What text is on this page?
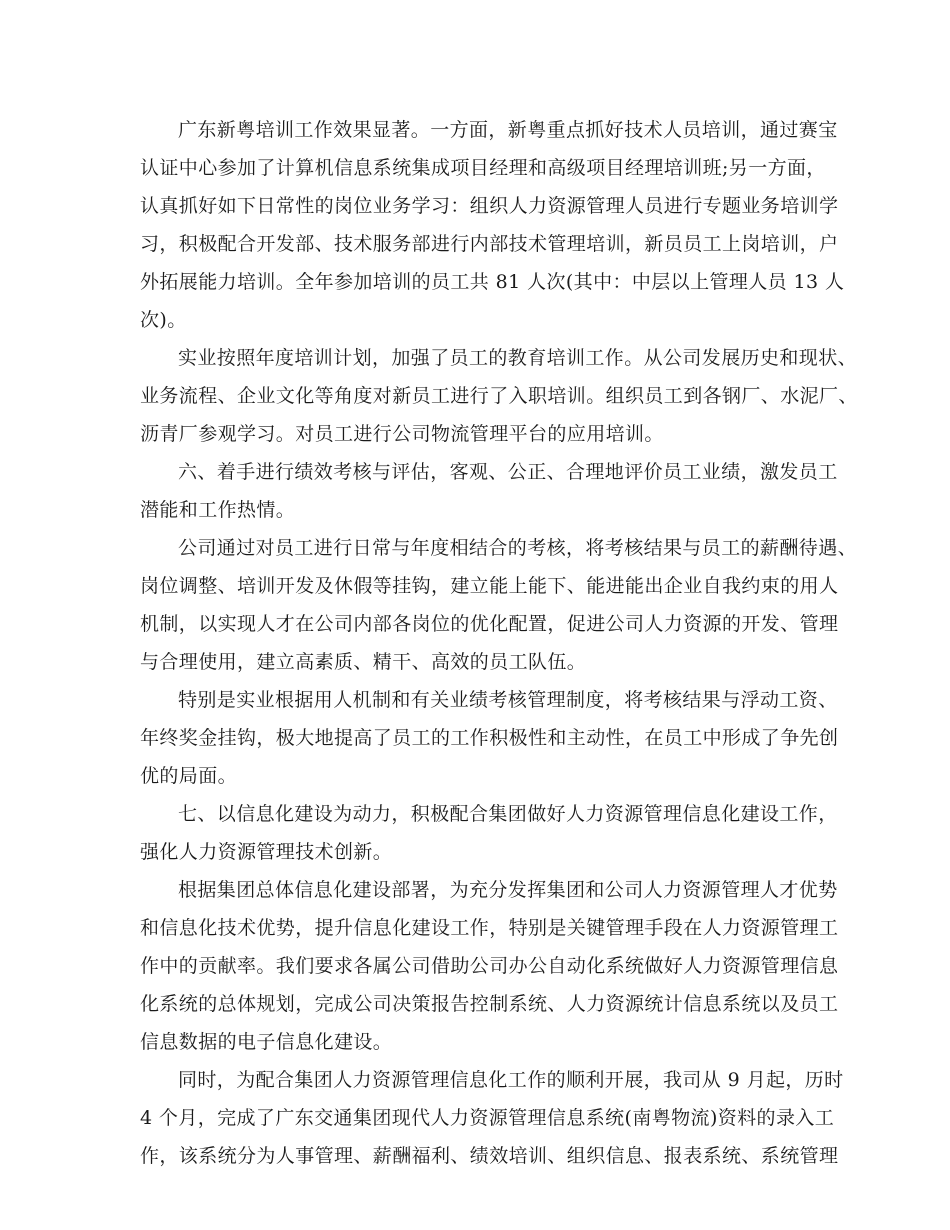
广东新粤培训工作效果显著。一方面，新粤重点抓好技术人员培训，通过赛宝
认证中心参加了计算机信息系统集成项目经理和高级项目经理培训班;另一方面，
认真抓好如下日常性的岗位业务学习：组织人力资源管理人员进行专题业务培训学
习，积极配合开发部、技术服务部进行内部技术管理培训，新员员工上岗培训，户
外拓展能力培训。全年参加培训的员工共 81 人次(其中：中层以上管理人员 13 人
次)。
实业按照年度培训计划，加强了员工的教育培训工作。从公司发展历史和现状、
业务流程、企业文化等角度对新员工进行了入职培训。组织员工到各钢厂、水泥厂、
沥青厂参观学习。对员工进行公司物流管理平台的应用培训。
六、着手进行绩效考核与评估，客观、公正、合理地评价员工业绩，激发员工
潜能和工作热情。
公司通过对员工进行日常与年度相结合的考核，将考核结果与员工的薪酬待遇、
岗位调整、培训开发及休假等挂钩，建立能上能下、能进能出企业自我约束的用人
机制，以实现人才在公司内部各岗位的优化配置，促进公司人力资源的开发、管理
与合理使用，建立高素质、精干、高效的员工队伍。
特别是实业根据用人机制和有关业绩考核管理制度，将考核结果与浮动工资、
年终奖金挂钩，极大地提高了员工的工作积极性和主动性，在员工中形成了争先创
优的局面。
七、以信息化建设为动力，积极配合集团做好人力资源管理信息化建设工作，
强化人力资源管理技术创新。
根据集团总体信息化建设部署，为充分发挥集团和公司人力资源管理人才优势
和信息化技术优势，提升信息化建设工作，特别是关键管理手段在人力资源管理工
作中的贡献率。我们要求各属公司借助公司办公自动化系统做好人力资源管理信息
化系统的总体规划，完成公司决策报告控制系统、人力资源统计信息系统以及员工
信息数据的电子信息化建设。
同时，为配合集团人力资源管理信息化工作的顺利开展，我司从 9 月起，历时
4 个月，完成了广东交通集团现代人力资源管理信息系统(南粤物流)资料的录入工
作，该系统分为人事管理、薪酬福利、绩效培训、组织信息、报表系统、系统管理
